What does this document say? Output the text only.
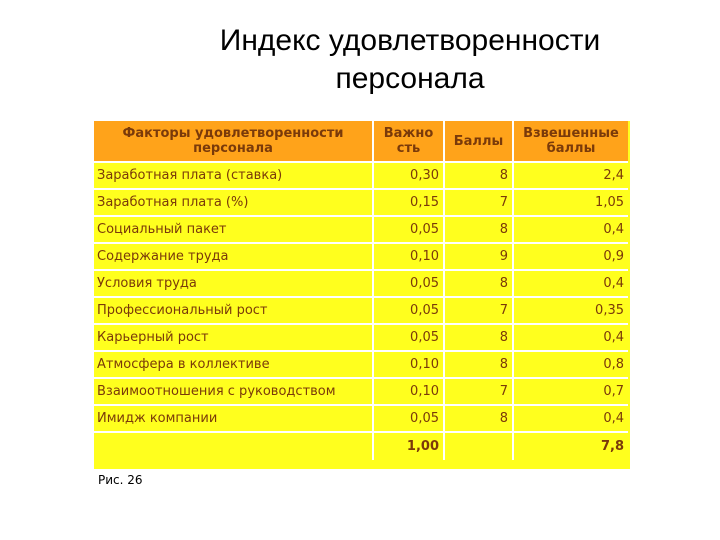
Индекс удовлетворенности
персонала
Факторы удовлетворенности персонала	Важно сть	Баллы	Взвешенные баллы
Заработная плата (ставка)	0,30	8	2,4
Заработная плата (%)	0,15	7	1,05
Социальный пакет	0,05	8	0,4
Содержание труда	0,10	9	0,9
Условия труда	0,05	8	0,4
Профессиональный рост	0,05	7	0,35
Карьерный рост	0,05	8	0,4
Атмосфера в коллективе	0,10	8	0,8
Взаимоотношения с руководством	0,10	7	0,7
Имидж компании	0,05	8	0,4
	1,00		7,8
Рис. 26
